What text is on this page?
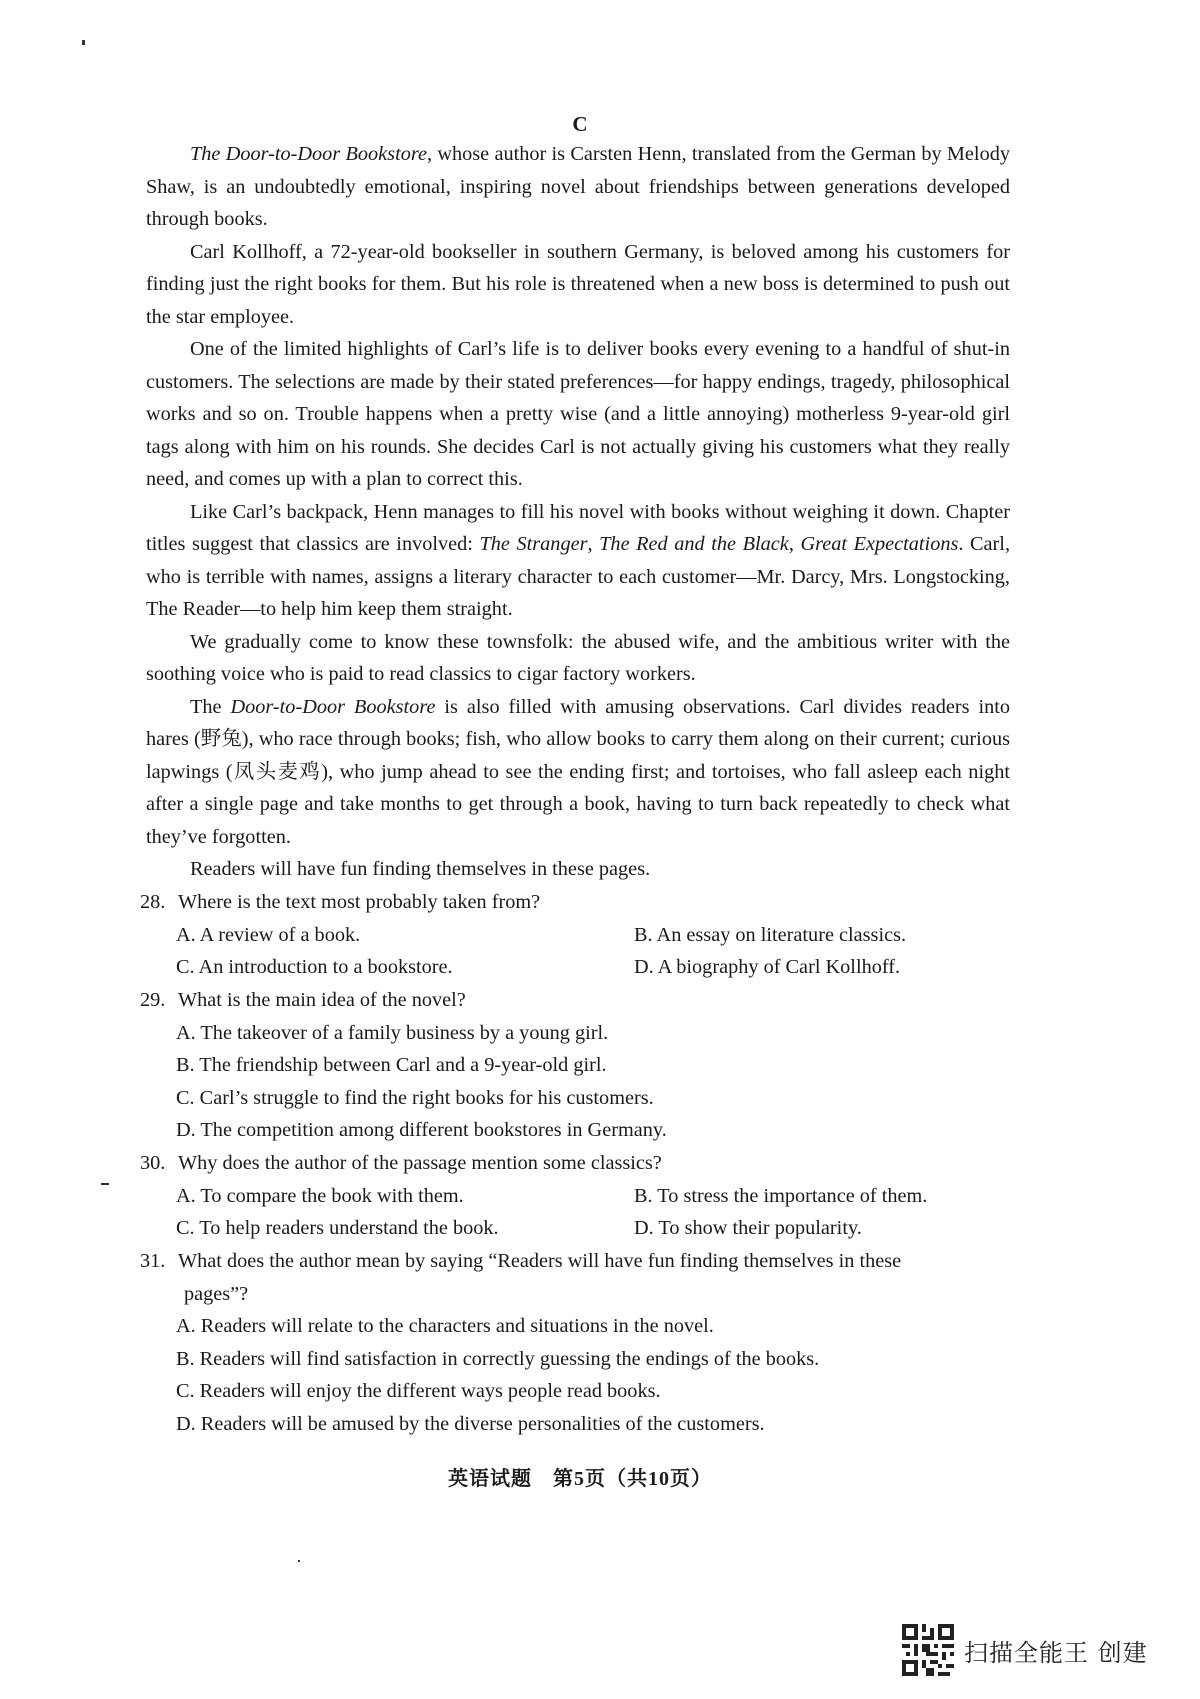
C

The Door-to-Door Bookstore, whose author is Carsten Henn, translated from the German by Melody Shaw, is an undoubtedly emotional, inspiring novel about friendships between generations developed through books.

Carl Kollhoff, a 72-year-old bookseller in southern Germany, is beloved among his customers for finding just the right books for them. But his role is threatened when a new boss is determined to push out the star employee.

One of the limited highlights of Carl’s life is to deliver books every evening to a handful of shut-in customers. The selections are made by their stated preferences—for happy endings, tragedy, philosophical works and so on. Trouble happens when a pretty wise (and a little annoying) motherless 9-year-old girl tags along with him on his rounds. She decides Carl is not actually giving his customers what they really need, and comes up with a plan to correct this.

Like Carl’s backpack, Henn manages to fill his novel with books without weighing it down. Chapter titles suggest that classics are involved: The Stranger, The Red and the Black, Great Expectations. Carl, who is terrible with names, assigns a literary character to each customer—Mr. Darcy, Mrs. Longstocking, The Reader—to help him keep them straight.

We gradually come to know these townsfolk: the abused wife, and the ambitious writer with the soothing voice who is paid to read classics to cigar factory workers.

The Door-to-Door Bookstore is also filled with amusing observations. Carl divides readers into hares (野兔), who race through books; fish, who allow books to carry them along on their current; curious lapwings (凤头麦鸡), who jump ahead to see the ending first; and tortoises, who fall asleep each night after a single page and take months to get through a book, having to turn back repeatedly to check what they’ve forgotten.

Readers will have fun finding themselves in these pages.

28. Where is the text most probably taken from?

A. A review of a book.	B. An essay on literature classics.

C. An introduction to a bookstore.	D. A biography of Carl Kollhoff.

29. What is the main idea of the novel?

A. The takeover of a family business by a young girl.

B. The friendship between Carl and a 9-year-old girl.

C. Carl’s struggle to find the right books for his customers.

D. The competition among different bookstores in Germany.

30. Why does the author of the passage mention some classics?

A. To compare the book with them.	B. To stress the importance of them.

C. To help readers understand the book.	D. To show their popularity.

31. What does the author mean by saying “Readers will have fun finding themselves in these

pages”?

A. Readers will relate to the characters and situations in the novel.

B. Readers will find satisfaction in correctly guessing the endings of the books.

C. Readers will enjoy the different ways people read books.

D. Readers will be amused by the diverse personalities of the customers.

英语试题　第5页（共10页）
扫描全能王 创建
